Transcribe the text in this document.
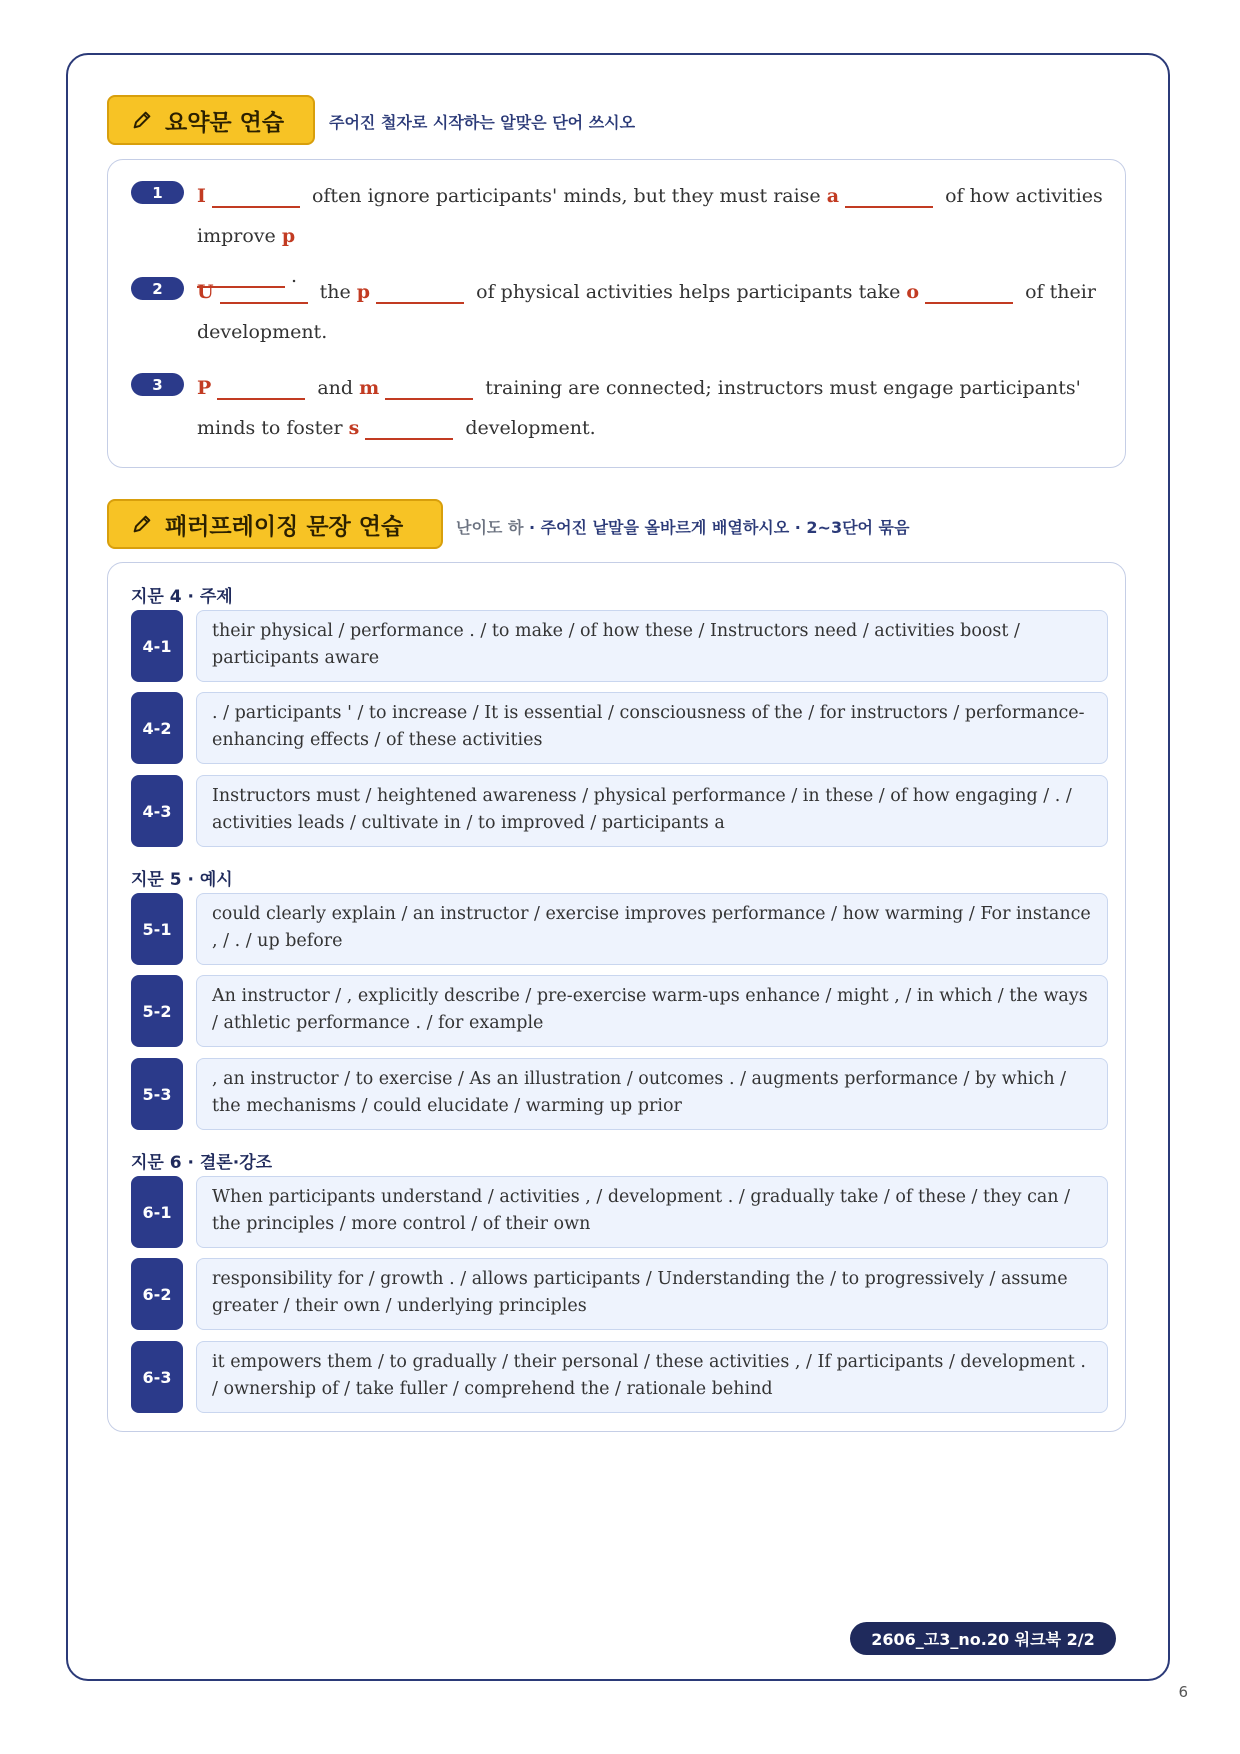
요약문 연습	주어진 철자로 시작하는 알맞은 단어 쓰시오
1	I	often ignore participants' minds, but they must raise a	of how activities improve p
.
2	U	the p	of physical activities helps participants take o	of their development.
3	P	and m	training are connected; instructors must engage participants' minds to foster s	development.
패러프레이징 문장 연습	난이도 하 · 주어진 낱말을 올바르게 배열하시오 · 2~3단어 묶음
지문 4 · 주제
4-1
their physical / performance . / to make / of how these / Instructors need / activities boost / participants aware
4-2
. / participants ' / to increase / It is essential / consciousness of the / for instructors / performance-enhancing effects / of these activities
4-3
Instructors must / heightened awareness / physical performance / in these / of how engaging / . / activities leads / cultivate in / to improved / participants a
지문 5 · 예시
5-1
could clearly explain / an instructor / exercise improves performance / how warming / For instance , / . / up before
5-2
An instructor / , explicitly describe / pre-exercise warm-ups enhance / might , / in which / the ways / athletic performance . / for example
5-3
, an instructor / to exercise / As an illustration / outcomes . / augments performance / by which / the mechanisms / could elucidate / warming up prior
지문 6 · 결론·강조
6-1
When participants understand / activities , / development . / gradually take / of these / they can / the principles / more control / of their own
6-2
responsibility for / growth . / allows participants / Understanding the / to progressively / assume greater / their own / underlying principles
6-3
it empowers them / to gradually / their personal / these activities , / If participants / development . / ownership of / take fuller / comprehend the / rationale behind
2606_고3_no.20 워크북 2/2
6
